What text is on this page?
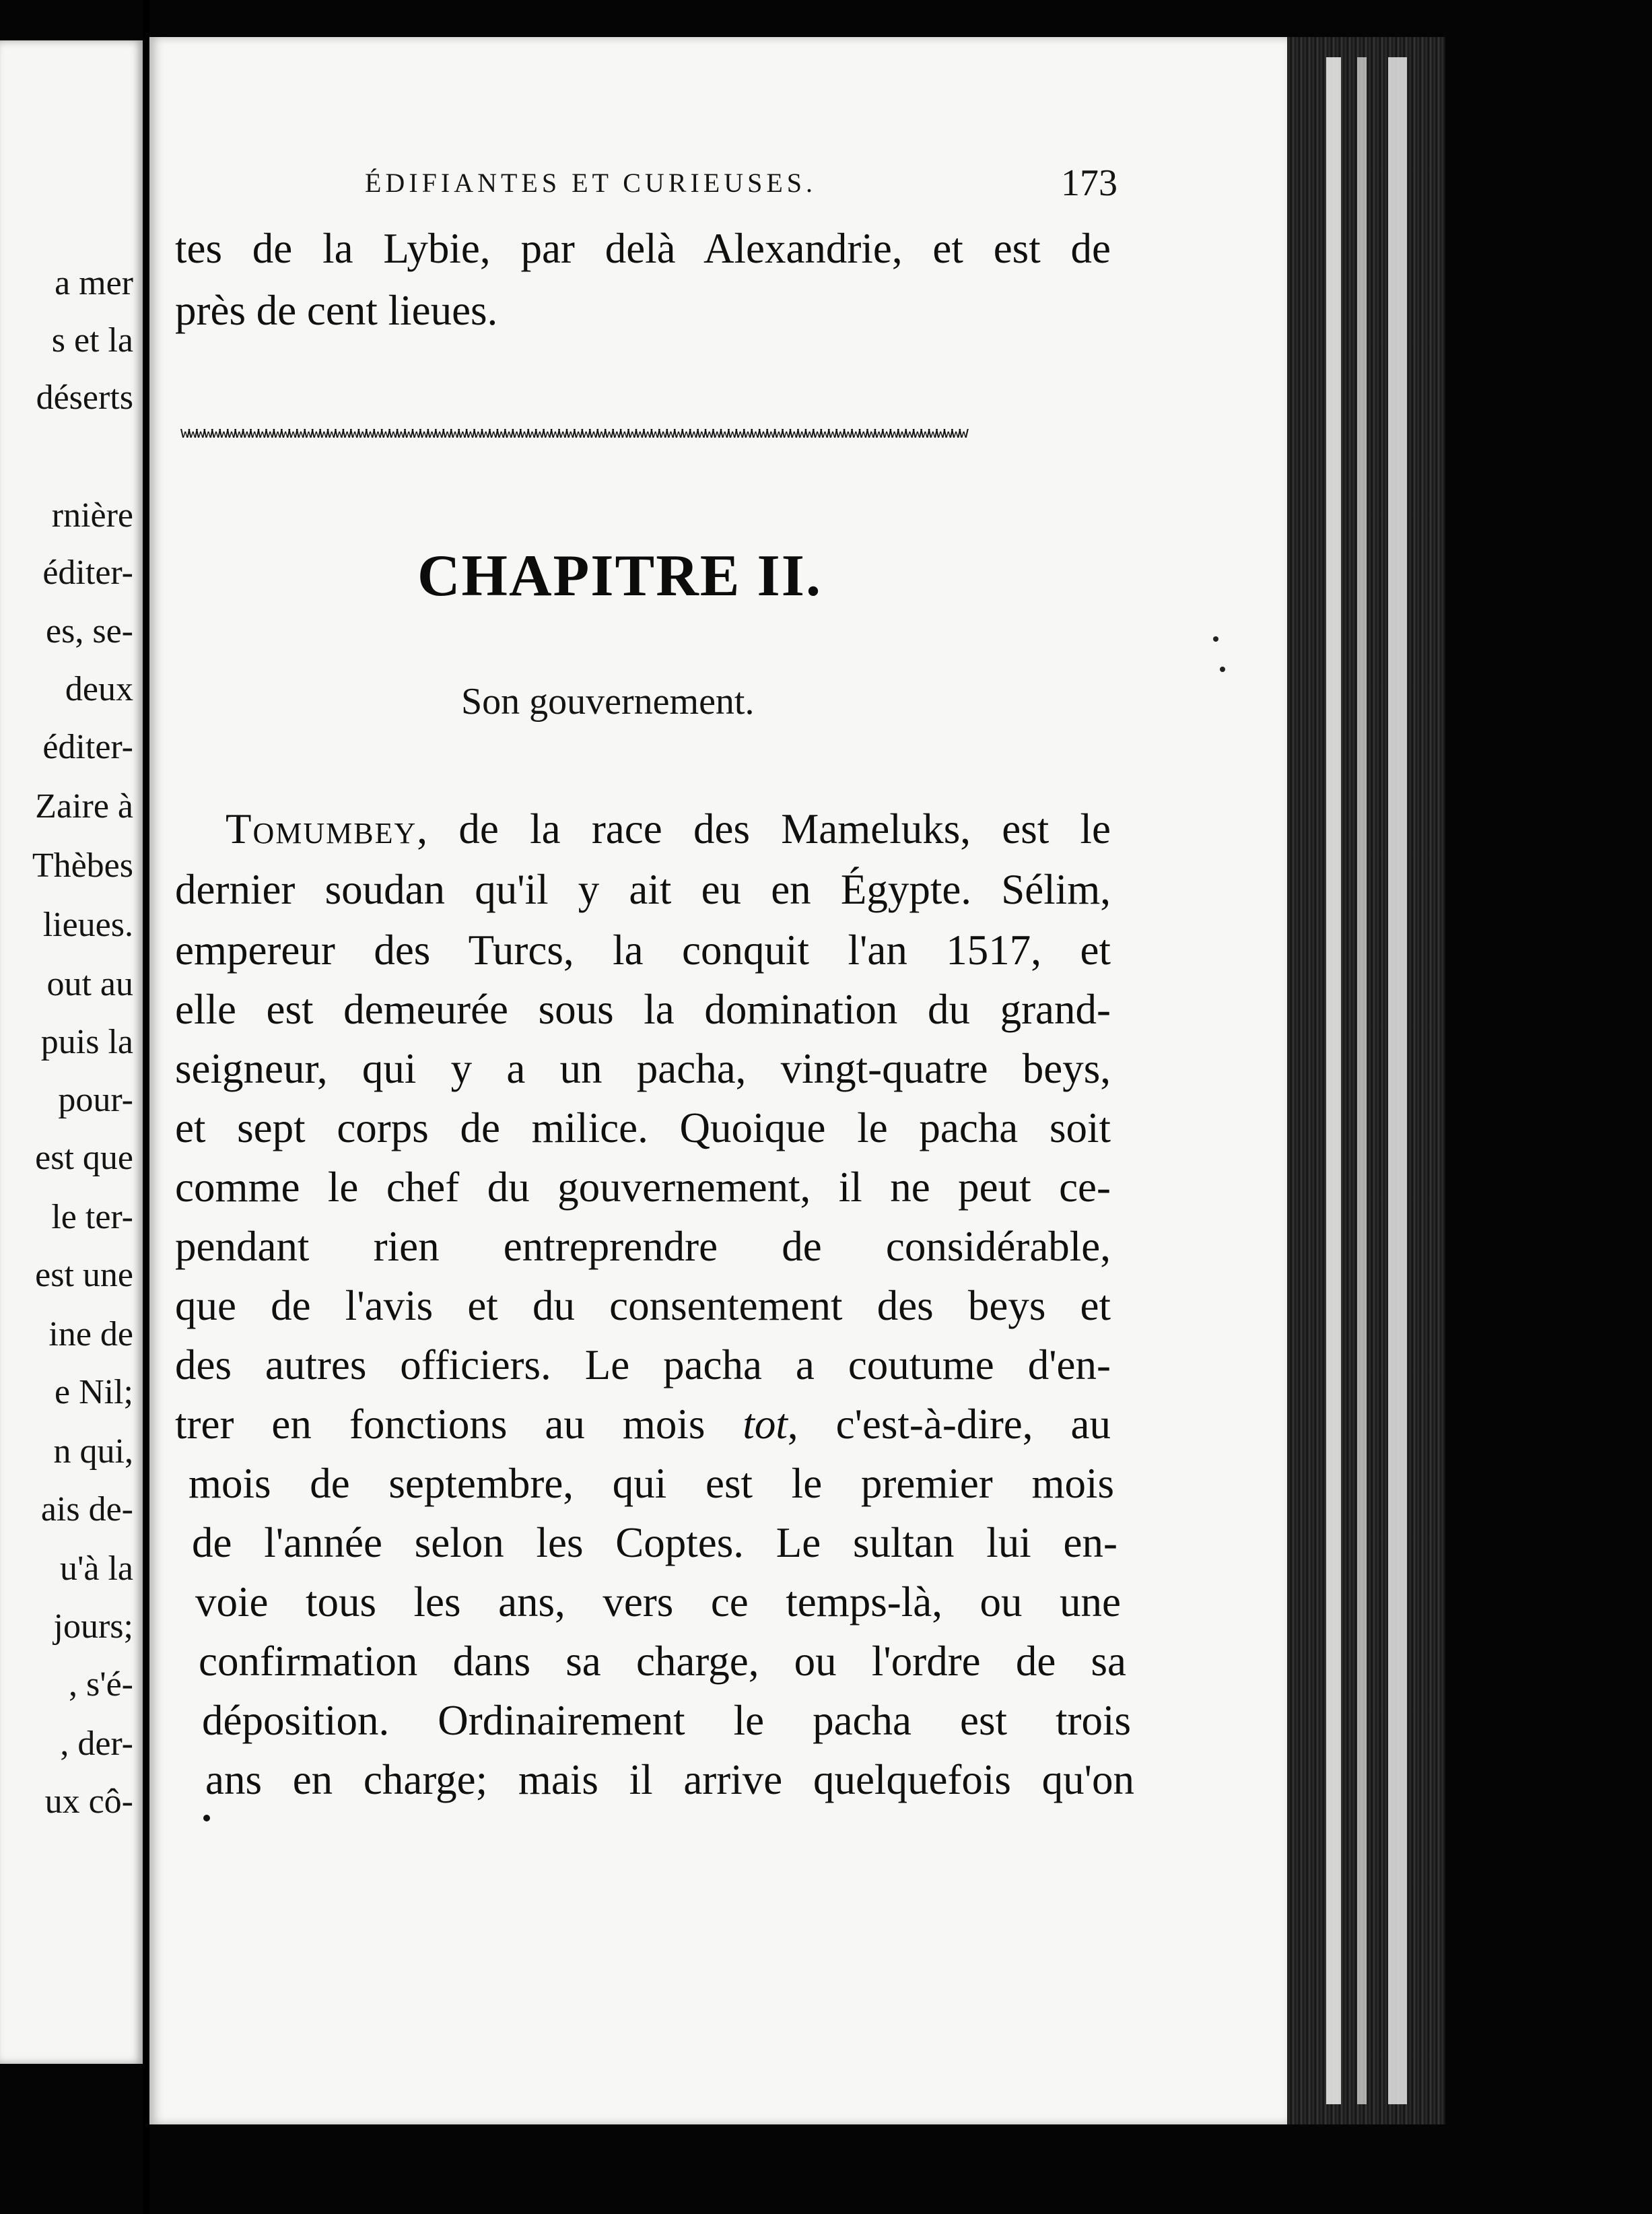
a mer
s et la
déserts
rnière
éditer-
es, se-
deux
éditer-
Zaire à
Thèbes
lieues.
out au
puis la
pour-
est que
le ter-
est une
ine de
e Nil;
n qui,
ais de-
u'à la
jours;
, s'é-
, der-
ux cô-
ÉDIFIANTES ET CURIEUSES.	173
tes de la Lybie, par delà Alexandrie, et est de
près de cent lieues.
wwwwwwwwwwwwwwwwwwwwwwwwwwwwwwwwwwwwwwwwwwwwwwwwwwwwwwwwwwwwwwwwwwwwwwwwwwwwwwwwwwwwwwwwwwwwwwwwwwwwww
CHAPITRE II.
Son gouvernement.
Tomumbey, de la race des Mameluks, est le
dernier soudan qu'il y ait eu en Égypte. Sélim,
empereur des Turcs, la conquit l'an 1517, et
elle est demeurée sous la domination du grand-
seigneur, qui y a un pacha, vingt-quatre beys,
et sept corps de milice. Quoique le pacha soit
comme le chef du gouvernement, il ne peut ce-
pendant rien entreprendre de considérable,
que de l'avis et du consentement des beys et
des autres officiers. Le pacha a coutume d'en-
trer en fonctions au mois tot, c'est-à-dire, au
mois de septembre, qui est le premier mois
de l'année selon les Coptes. Le sultan lui en-
voie tous les ans, vers ce temps-là, ou une
confirmation dans sa charge, ou l'ordre de sa
déposition. Ordinairement le pacha est trois
ans en charge; mais il arrive quelquefois qu'on
